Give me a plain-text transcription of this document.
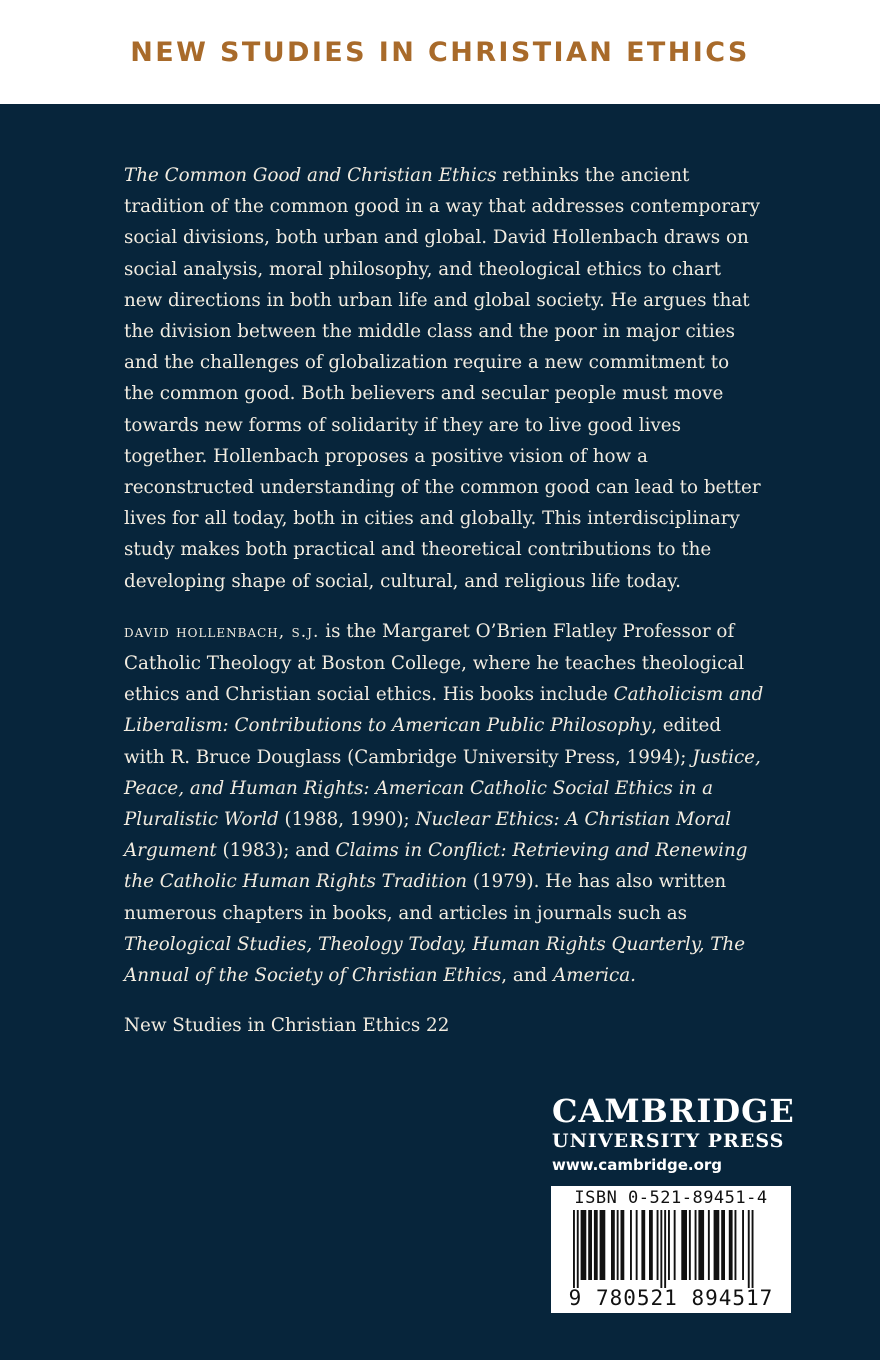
NEW STUDIES IN CHRISTIAN ETHICS

The Common Good and Christian Ethics rethinks the ancient tradition of the common good in a way that addresses contemporary social divisions, both urban and global. David Hollenbach draws on social analysis, moral philosophy, and theological ethics to chart new directions in both urban life and global society. He argues that the division between the middle class and the poor in major cities and the challenges of globalization require a new commitment to the common good. Both believers and secular people must move towards new forms of solidarity if they are to live good lives together. Hollenbach proposes a positive vision of how a reconstructed understanding of the common good can lead to better lives for all today, both in cities and globally. This interdisciplinary study makes both practical and theoretical contributions to the developing shape of social, cultural, and religious life today.

david hollenbach, s.j. is the Margaret O’Brien Flatley Professor of Catholic Theology at Boston College, where he teaches theological ethics and Christian social ethics. His books include Catholicism and Liberalism: Contributions to American Public Philosophy, edited with R. Bruce Douglass (Cambridge University Press, 1994); Justice, Peace, and Human Rights: American Catholic Social Ethics in a Pluralistic World (1988, 1990); Nuclear Ethics: A Christian Moral Argument (1983); and Claims in Conflict: Retrieving and Renewing the Catholic Human Rights Tradition (1979). He has also written numerous chapters in books, and articles in journals such as Theological Studies, Theology Today, Human Rights Quarterly, The Annual of the Society of Christian Ethics, and America.

New Studies in Christian Ethics 22

CAMBRIDGE
UNIVERSITY PRESS
www.cambridge.org
ISBN 0-521-89451-4
9 780521 894517
